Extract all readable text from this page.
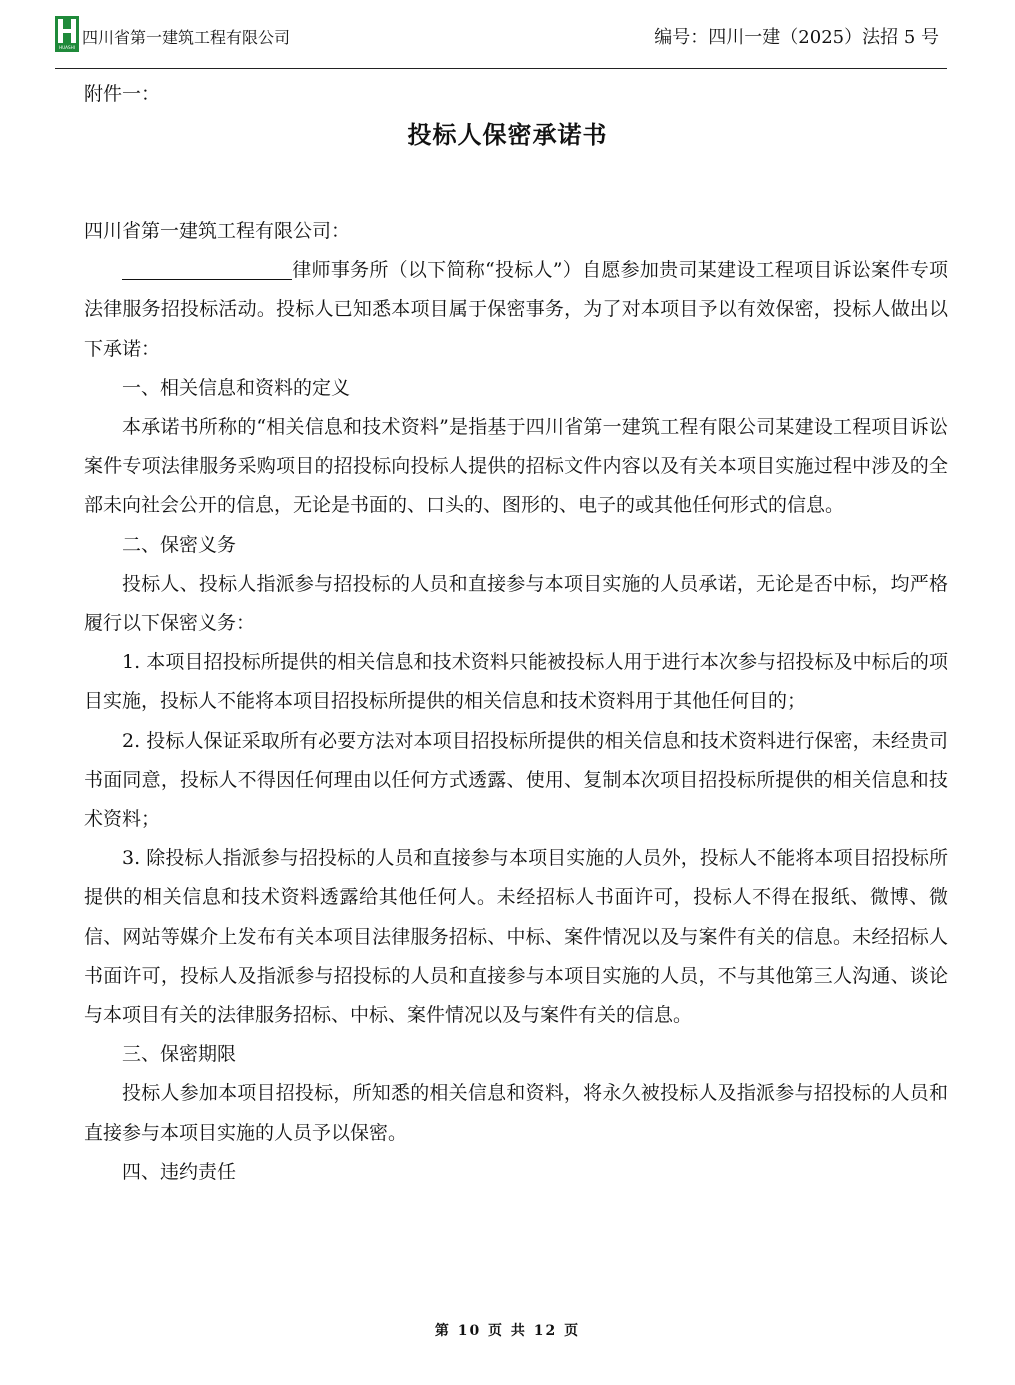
HUASHI
四川省第一建筑工程有限公司	编号：四川一建（2025）法招 5 号
附件一：
投标人保密承诺书

四川省第一建筑工程有限公司：

律师事务所（以下简称“投标人”）自愿参加贵司某建设工程项目诉讼案件专项法律服务招投标活动。投标人已知悉本项目属于保密事务，为了对本项目予以有效保密，投标人做出以下承诺：

一、相关信息和资料的定义

本承诺书所称的“相关信息和技术资料”是指基于四川省第一建筑工程有限公司某建设工程项目诉讼案件专项法律服务采购项目的招投标向投标人提供的招标文件内容以及有关本项目实施过程中涉及的全部未向社会公开的信息，无论是书面的、口头的、图形的、电子的或其他任何形式的信息。

二、保密义务

投标人、投标人指派参与招投标的人员和直接参与本项目实施的人员承诺，无论是否中标，均严格履行以下保密义务：

1. 本项目招投标所提供的相关信息和技术资料只能被投标人用于进行本次参与招投标及中标后的项目实施，投标人不能将本项目招投标所提供的相关信息和技术资料用于其他任何目的；

2. 投标人保证采取所有必要方法对本项目招投标所提供的相关信息和技术资料进行保密，未经贵司书面同意，投标人不得因任何理由以任何方式透露、使用、复制本次项目招投标所提供的相关信息和技术资料；

3. 除投标人指派参与招投标的人员和直接参与本项目实施的人员外，投标人不能将本项目招投标所提供的相关信息和技术资料透露给其他任何人。未经招标人书面许可，投标人不得在报纸、微博、微信、网站等媒介上发布有关本项目法律服务招标、中标、案件情况以及与案件有关的信息。未经招标人书面许可，投标人及指派参与招投标的人员和直接参与本项目实施的人员，不与其他第三人沟通、谈论与本项目有关的法律服务招标、中标、案件情况以及与案件有关的信息。

三、保密期限

投标人参加本项目招投标，所知悉的相关信息和资料，将永久被投标人及指派参与招投标的人员和直接参与本项目实施的人员予以保密。

四、违约责任

第 10 页 共 12 页
